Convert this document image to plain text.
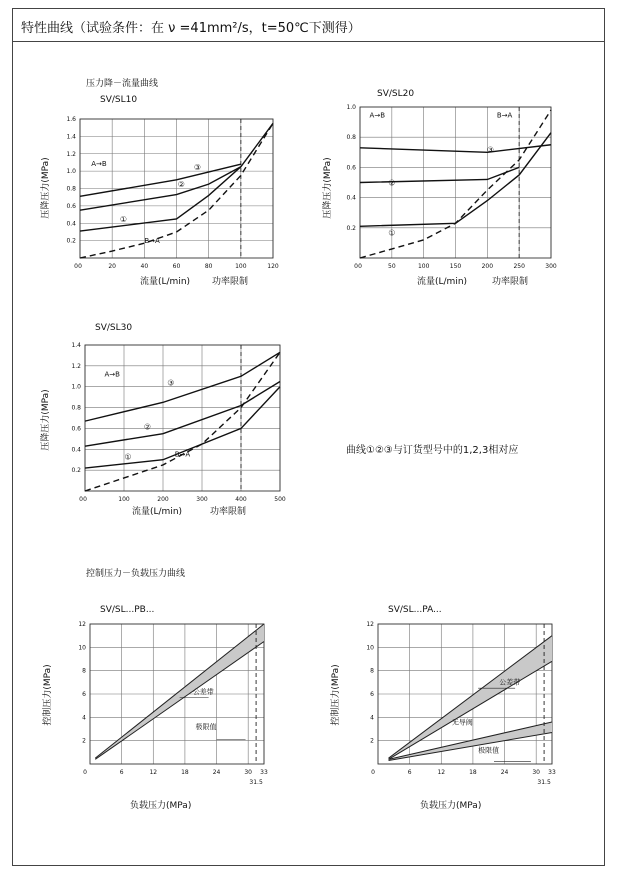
特性曲线（试验条件：在 ν =41mm²/s，t=50℃下测得）
压力降－流量曲线
控制压力－负载压力曲线
曲线①②③与订货型号中的1,2,3相对应
SV/SL10
0.2
0.4
0.6
0.8
1.0
1.2
1.4
1.6
0	20	40	60	80	100	120
0
流量(L/min) 功率限制
压降压力(MPa)	A→B
B→A
①
②
③
SV/SL20
0.2
0.4
0.6
0.8
1.0
0	50	100	150	200	250	300
0
流量(L/min)	功率限制
压降压力(MPa)
A→B	B→A
①
②
③
SV/SL30
0.2
0.4
0.6
0.8
1.0
1.2
1.4
0	100	200	300	400	500
0
流量(L/min)	功率限制
压降压力(MPa)
A→B
B→A
①
②
③
SV/SL...PB...
2
4
6
8
10
12
6	12	18	24	30 33
负载压力(MPa)
控制压力(MPa)
31.5
0
公差带
极限值
SV/SL...PA...
2
4
6
8
10
12
6	12	18	24	30 33
负载压力(MPa)
控制压力(MPa)
31.5
0
公差带
无导阀
极限值
